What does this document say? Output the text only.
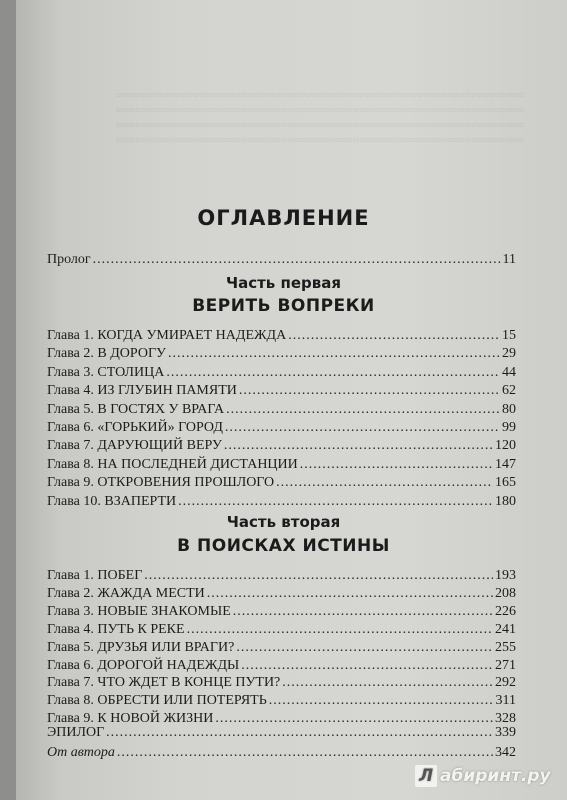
≈≈≈≈≈≈≈≈≈≈≈≈≈≈≈≈≈≈≈≈≈≈≈≈≈≈≈≈≈≈≈≈≈≈≈≈≈≈≈≈≈≈≈≈≈≈≈≈≈≈≈≈≈≈≈≈≈≈≈≈≈≈
≈≈≈≈≈≈≈≈≈≈≈≈≈≈≈≈≈≈≈≈≈≈≈≈≈≈≈≈≈≈≈≈≈≈≈≈≈≈≈≈≈≈≈≈≈≈≈≈≈≈≈≈≈≈≈≈≈≈≈≈≈≈
≈≈≈≈≈≈≈≈≈≈≈≈≈≈≈≈≈≈≈≈≈≈≈≈≈≈≈≈≈≈≈≈≈≈≈≈≈≈≈≈≈≈≈≈≈≈≈≈≈≈≈≈≈≈≈≈≈≈≈≈≈≈
≈≈≈≈≈≈≈≈≈≈≈≈≈≈≈≈≈≈≈≈≈≈≈≈≈≈≈≈≈≈≈≈≈≈≈≈≈≈≈≈≈≈≈≈≈≈≈≈≈≈≈≈≈≈≈≈≈≈≈≈≈≈
ОГЛАВЛЕНИЕ
Пролог .....	11
Часть первая
ВЕРИТЬ ВОПРЕКИ
Глава 1. КОГДА УМИРАЕТ НАДЕЖДА .....	15
Глава 2. В ДОРОГУ .....	29
Глава 3. СТОЛИЦА .....	44
Глава 4. ИЗ ГЛУБИН ПАМЯТИ .....	62
Глава 5. В ГОСТЯХ У ВРАГА .....	80
Глава 6. «ГОРЬКИЙ» ГОРОД .....	99
Глава 7. ДАРУЮЩИЙ ВЕРУ .....	120
Глава 8. НА ПОСЛЕДНЕЙ ДИСТАНЦИИ .....	147
Глава 9. ОТКРОВЕНИЯ ПРОШЛОГО .....	165
Глава 10. ВЗАПЕРТИ .....	180
Часть вторая
В ПОИСКАХ ИСТИНЫ
Глава 1. ПОБЕГ .....	193
Глава 2. ЖАЖДА МЕСТИ .....	208
Глава 3. НОВЫЕ ЗНАКОМЫЕ .....	226
Глава 4. ПУТЬ К РЕКЕ .....	241
Глава 5. ДРУЗЬЯ ИЛИ ВРАГИ? .....	255
Глава 6. ДОРОГОЙ НАДЕЖДЫ .....	271
Глава 7. ЧТО ЖДЕТ В КОНЦЕ ПУТИ? .....	292
Глава 8. ОБРЕСТИ ИЛИ ПОТЕРЯТЬ .....	311
Глава 9. К НОВОЙ ЖИЗНИ .....	328
ЭПИЛОГ .....	339
От автора .....	342
Л абиринт.ру
